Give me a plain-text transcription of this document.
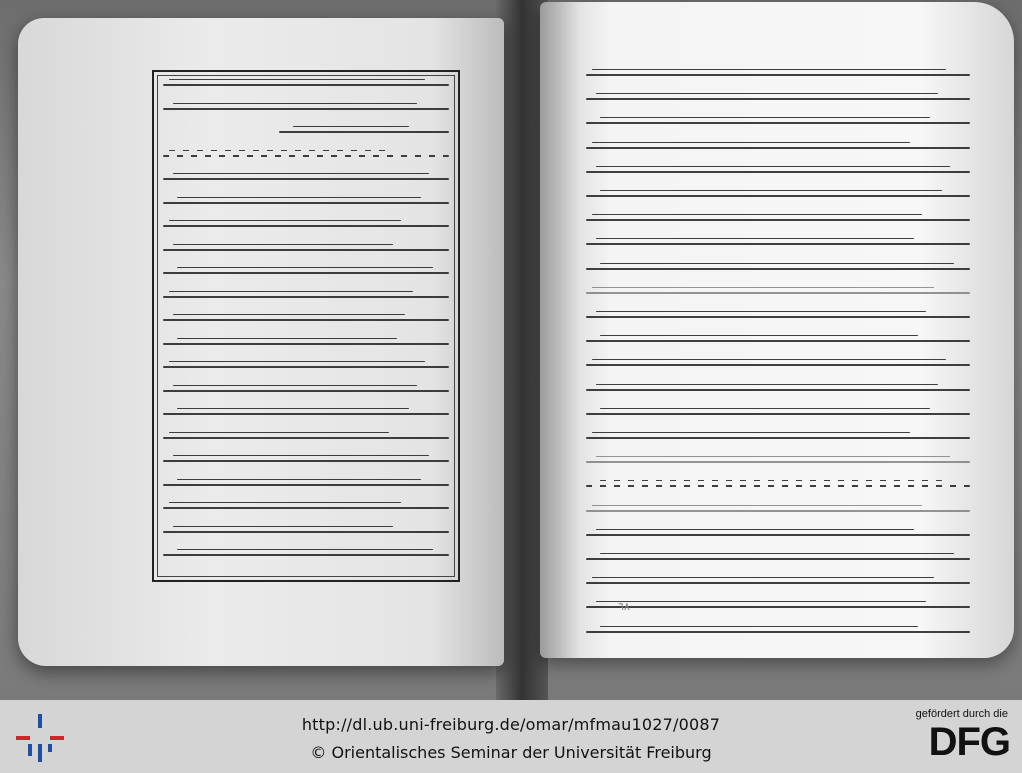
٦٨
http://dl.ub.uni-freiburg.de/omar/mfmau1027/0087
© Orientalisches Seminar der Universität Freiburg
gefördert durch die
DFG
